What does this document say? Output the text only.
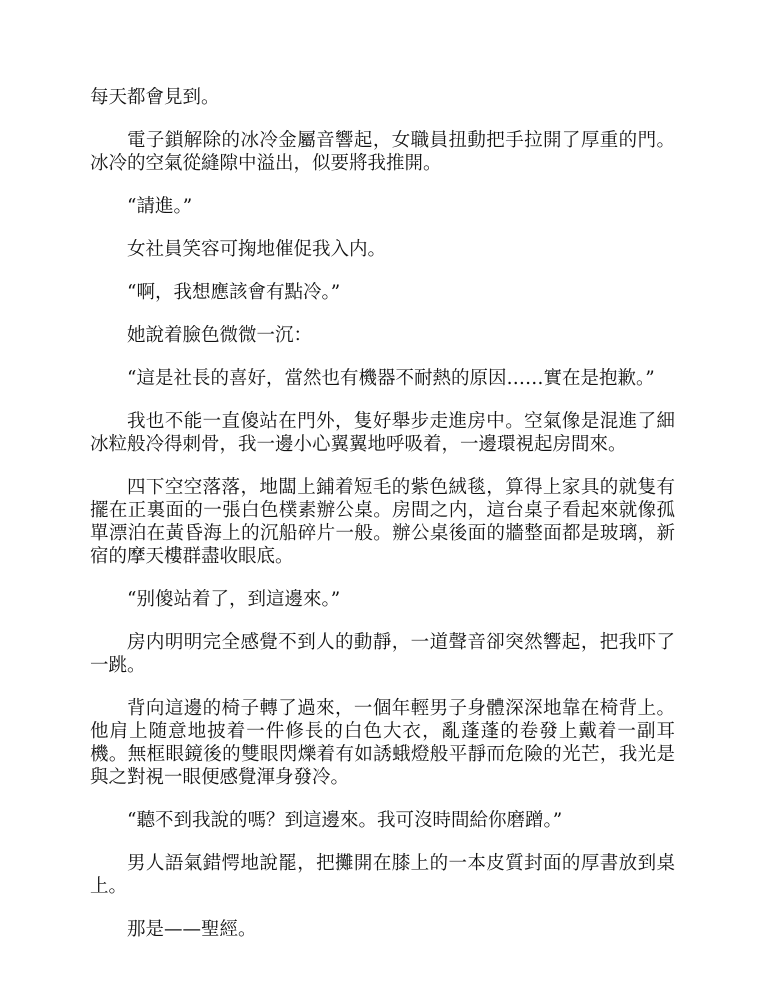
每天都會見到。

電子鎖解除的冰冷金屬音響起，女職員扭動把手拉開了厚重的門。冰冷的空氣從縫隙中溢出，似要將我推開。

“請進。”

女社員笑容可掬地催促我入内。

“啊，我想應該會有點冷。”

她說着臉色微微一沉：

“這是社長的喜好，當然也有機器不耐熱的原因……實在是抱歉。”

我也不能一直傻站在門外，隻好舉步走進房中。空氣像是混進了細冰粒般冷得刺骨，我一邊小心翼翼地呼吸着，一邊環視起房間來。

四下空空落落，地闆上鋪着短毛的紫色絨毯，算得上家具的就隻有擺在正裏面的一張白色樸素辦公桌。房間之内，這台桌子看起來就像孤單漂泊在黃昏海上的沉船碎片一般。辦公桌後面的牆整面都是玻璃，新宿的摩天樓群盡收眼底。

“别傻站着了，到這邊來。”

房内明明完全感覺不到人的動靜，一道聲音卻突然響起，把我吓了一跳。

背向這邊的椅子轉了過來，一個年輕男子身體深深地靠在椅背上。他肩上随意地披着一件修長的白色大衣，亂蓬蓬的卷發上戴着一副耳機。無框眼鏡後的雙眼閃爍着有如誘蛾燈般平靜而危險的光芒，我光是與之對視一眼便感覺渾身發冷。

“聽不到我說的嗎？到這邊來。我可沒時間給你磨蹭。”

男人語氣錯愕地說罷，把攤開在膝上的一本皮質封面的厚書放到桌上。

那是——聖經。
